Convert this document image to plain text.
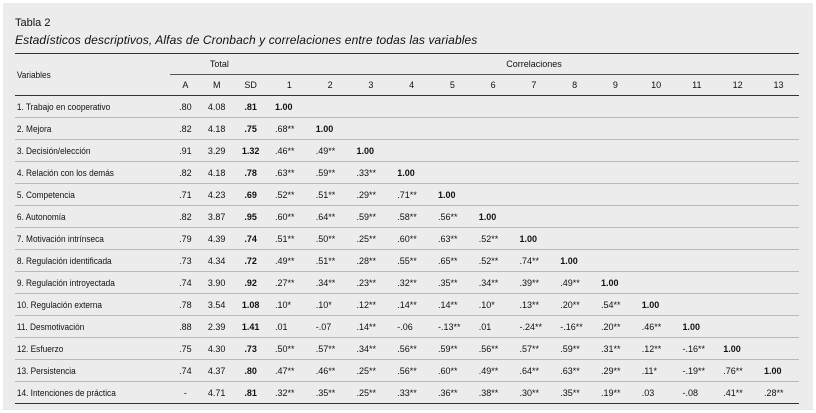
Tabla 2
Estadísticos descriptivos, Alfas de Cronbach y correlaciones entre todas las variables
Variables	Total			Correlaciones												
	A	M	SD	1	2	3	4	5	6	7	8	9	10	11	12	13
1. Trabajo en cooperativo	.80	4.08	.81	1.00												
2. Mejora	.82	4.18	.75	.68**	1.00											
3. Decisión/elección	.91	3.29	1.32	.46**	.49**	1.00										
4. Relación con los demás	.82	4.18	.78	.63**	.59**	.33**	1.00									
5. Competencia	.71	4.23	.69	.52**	.51**	.29**	.71**	1.00								
6. Autonomía	.82	3.87	.95	.60**	.64**	.59**	.58**	.56**	1.00							
7. Motivación intrínseca	.79	4.39	.74	.51**	.50**	.25**	.60**	.63**	.52**	1.00						
8. Regulación identificada	.73	4.34	.72	.49**	.51**	.28**	.55**	.65**	.52**	.74**	1.00					
9. Regulación introyectada	.74	3.90	.92	.27**	.34**	.23**	.32**	.35**	.34**	.39**	.49**	1.00				
10. Regulación externa	.78	3.54	1.08	.10*	.10*	.12**	.14**	.14**	.10*	.13**	.20**	.54**	1.00			
11. Desmotivación	.88	2.39	1.41	.01	-.07	.14**	-.06	-.13**	.01	-.24**	-.16**	.20**	.46**	1.00		
12. Esfuerzo	.75	4.30	.73	.50**	.57**	.34**	.56**	.59**	.56**	.57**	.59**	.31**	.12**	-.16**	1.00	
13. Persistencia	.74	4.37	.80	.47**	.46**	.25**	.56**	.60**	.49**	.64**	.63**	.29**	.11*	-.19**	.76**	1.00
14. Intenciones de práctica	-	4.71	.81	.32**	.35**	.25**	.33**	.36**	.38**	.30**	.35**	.19**	.03	-.08	.41**	.28**
